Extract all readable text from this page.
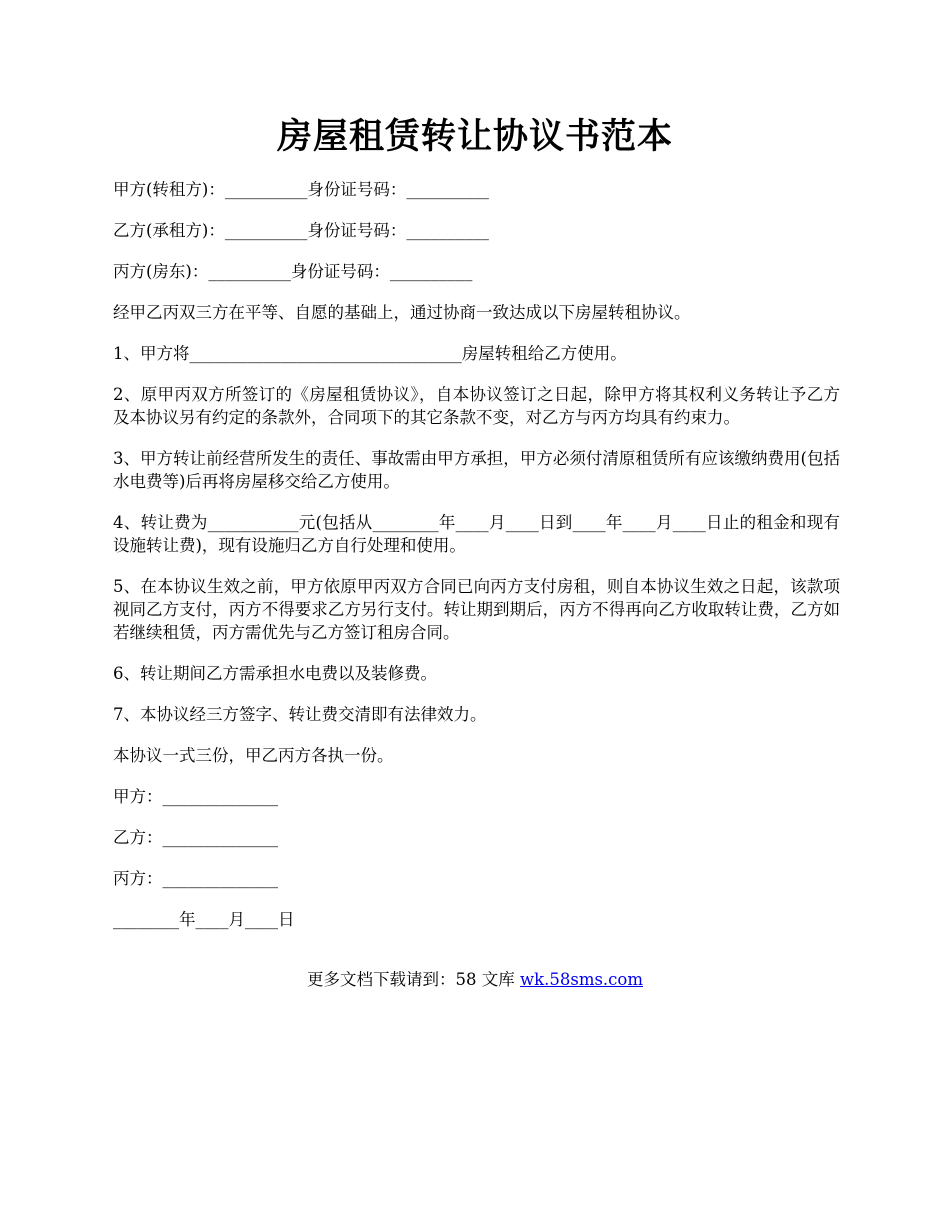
房屋租赁转让协议书范本

甲方(转租方)：__________身份证号码：__________

乙方(承租方)：__________身份证号码：__________

丙方(房东)：__________身份证号码：__________

经甲乙丙双三方在平等、自愿的基础上，通过协商一致达成以下房屋转租协议。

1、甲方将_________________________________房屋转租给乙方使用。

2、原甲丙双方所签订的《房屋租赁协议》，自本协议签订之日起，除甲方将其权利义务转让予乙方及本协议另有约定的条款外，合同项下的其它条款不变，对乙方与丙方均具有约束力。

3、甲方转让前经营所发生的责任、事故需由甲方承担，甲方必须付清原租赁所有应该缴纳费用(包括水电费等)后再将房屋移交给乙方使用。

4、转让费为___________元(包括从________年____月____日到____年____月____日止的租金和现有设施转让费)，现有设施归乙方自行处理和使用。

5、在本协议生效之前，甲方依原甲丙双方合同已向丙方支付房租，则自本协议生效之日起，该款项视同乙方支付，丙方不得要求乙方另行支付。转让期到期后，丙方不得再向乙方收取转让费，乙方如若继续租赁，丙方需优先与乙方签订租房合同。

6、转让期间乙方需承担水电费以及装修费。

7、本协议经三方签字、转让费交清即有法律效力。

本协议一式三份，甲乙丙方各执一份。

甲方：______________

乙方：______________

丙方：______________

________年____月____日

更多文档下载请到：58 文库 wk.58sms.com
